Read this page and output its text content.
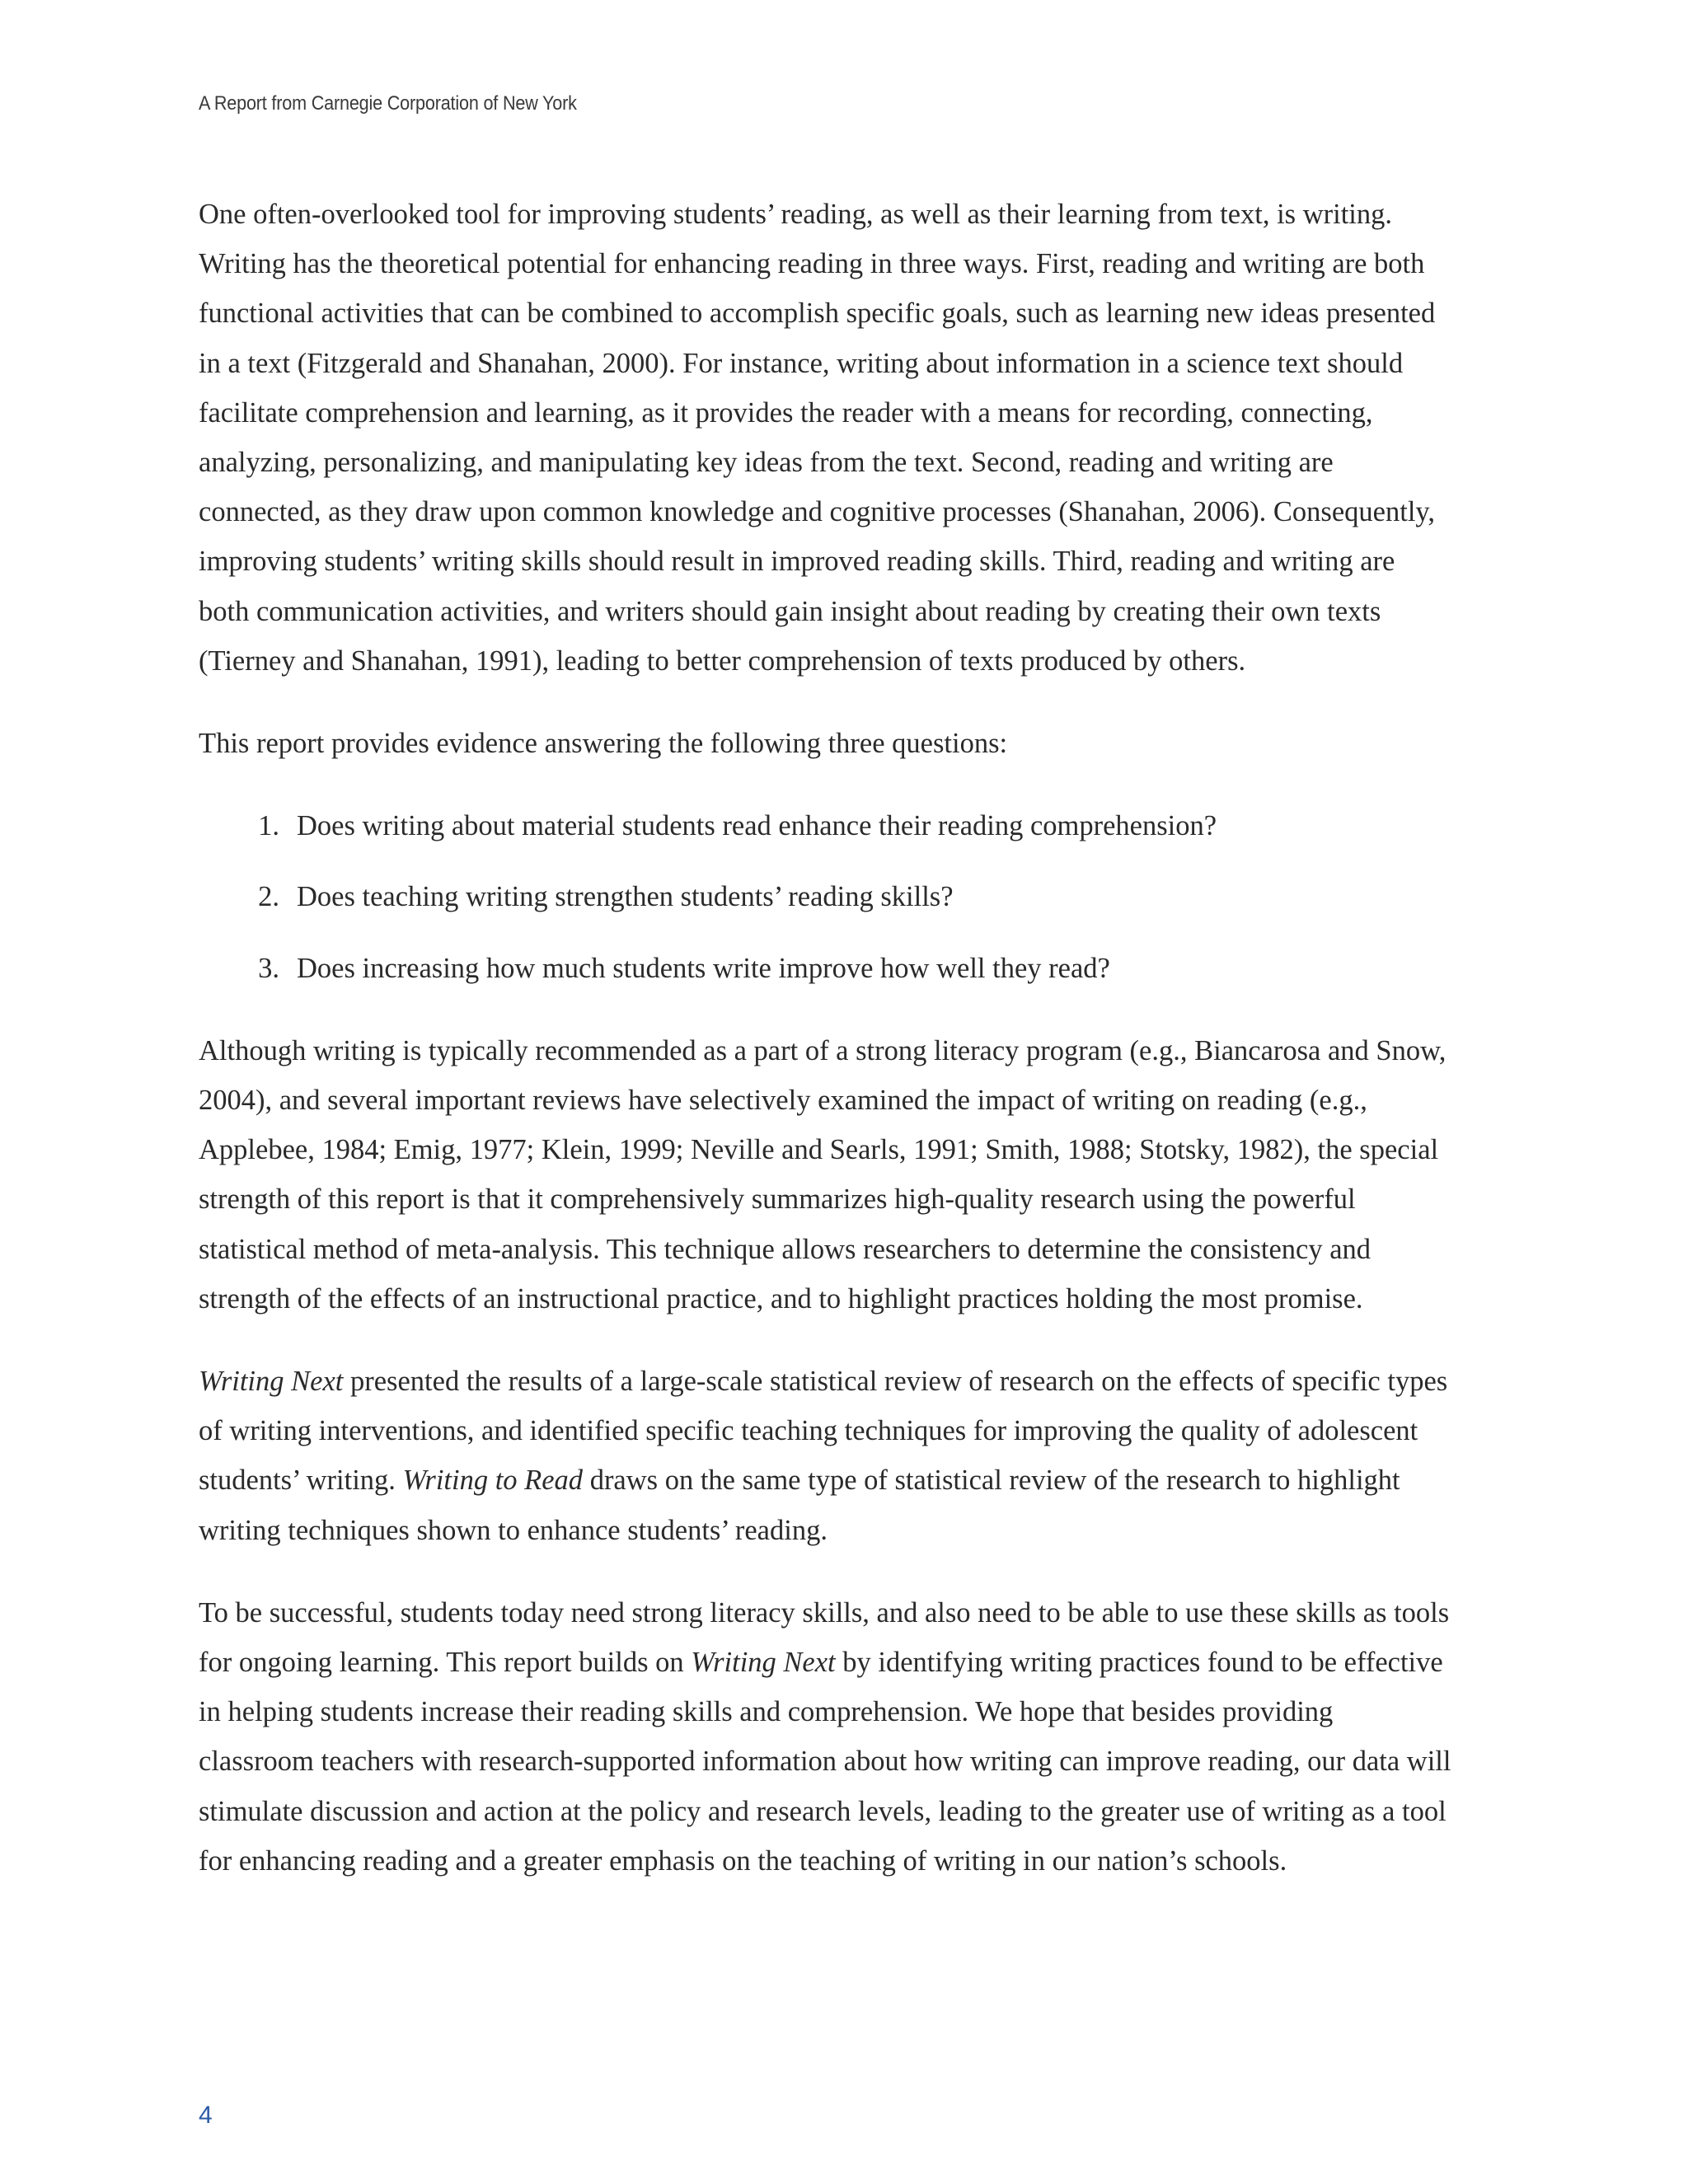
A Report from Carnegie Corporation of New York

One often-overlooked tool for improving students’ reading, as well as their learning from text, is writing. Writing has the theoretical potential for enhancing reading in three ways. First, reading and writing are both functional activities that can be combined to accomplish specific goals, such as learning new ideas presented in a text (Fitzgerald and Shanahan, 2000). For instance, writing about information in a science text should facilitate comprehension and learning, as it provides the reader with a means for recording, connecting, analyzing, personalizing, and manipulating key ideas from the text. Second, reading and writing are connected, as they draw upon common knowledge and cognitive processes (Shanahan, 2006). Consequently, improving students’ writing skills should result in improved reading skills. Third, reading and writing are both communication activities, and writers should gain insight about reading by creating their own texts (Tierney and Shanahan, 1991), leading to better comprehension of texts produced by others.

This report provides evidence answering the following three questions:

1. Does writing about material students read enhance their reading comprehension?
2. Does teaching writing strengthen students’ reading skills?
3. Does increasing how much students write improve how well they read?

Although writing is typically recommended as a part of a strong literacy program (e.g., Biancarosa and Snow, 2004), and several important reviews have selectively examined the impact of writing on reading (e.g., Applebee, 1984; Emig, 1977; Klein, 1999; Neville and Searls, 1991; Smith, 1988; Stotsky, 1982), the special strength of this report is that it comprehensively summarizes high-quality research using the powerful statistical method of meta-analysis. This technique allows researchers to determine the consistency and strength of the effects of an instructional practice, and to highlight practices holding the most promise.

Writing Next presented the results of a large-scale statistical review of research on the effects of specific types of writing interventions, and identified specific teaching techniques for improving the quality of adolescent students’ writing. Writing to Read draws on the same type of statistical review of the research to highlight writing techniques shown to enhance students’ reading.

To be successful, students today need strong literacy skills, and also need to be able to use these skills as tools for ongoing learning. This report builds on Writing Next by identifying writing practices found to be effective in helping students increase their reading skills and comprehension. We hope that besides providing classroom teachers with research-supported information about how writing can improve reading, our data will stimulate discussion and action at the policy and research levels, leading to the greater use of writing as a tool for enhancing reading and a greater emphasis on the teaching of writing in our nation’s schools.

4
